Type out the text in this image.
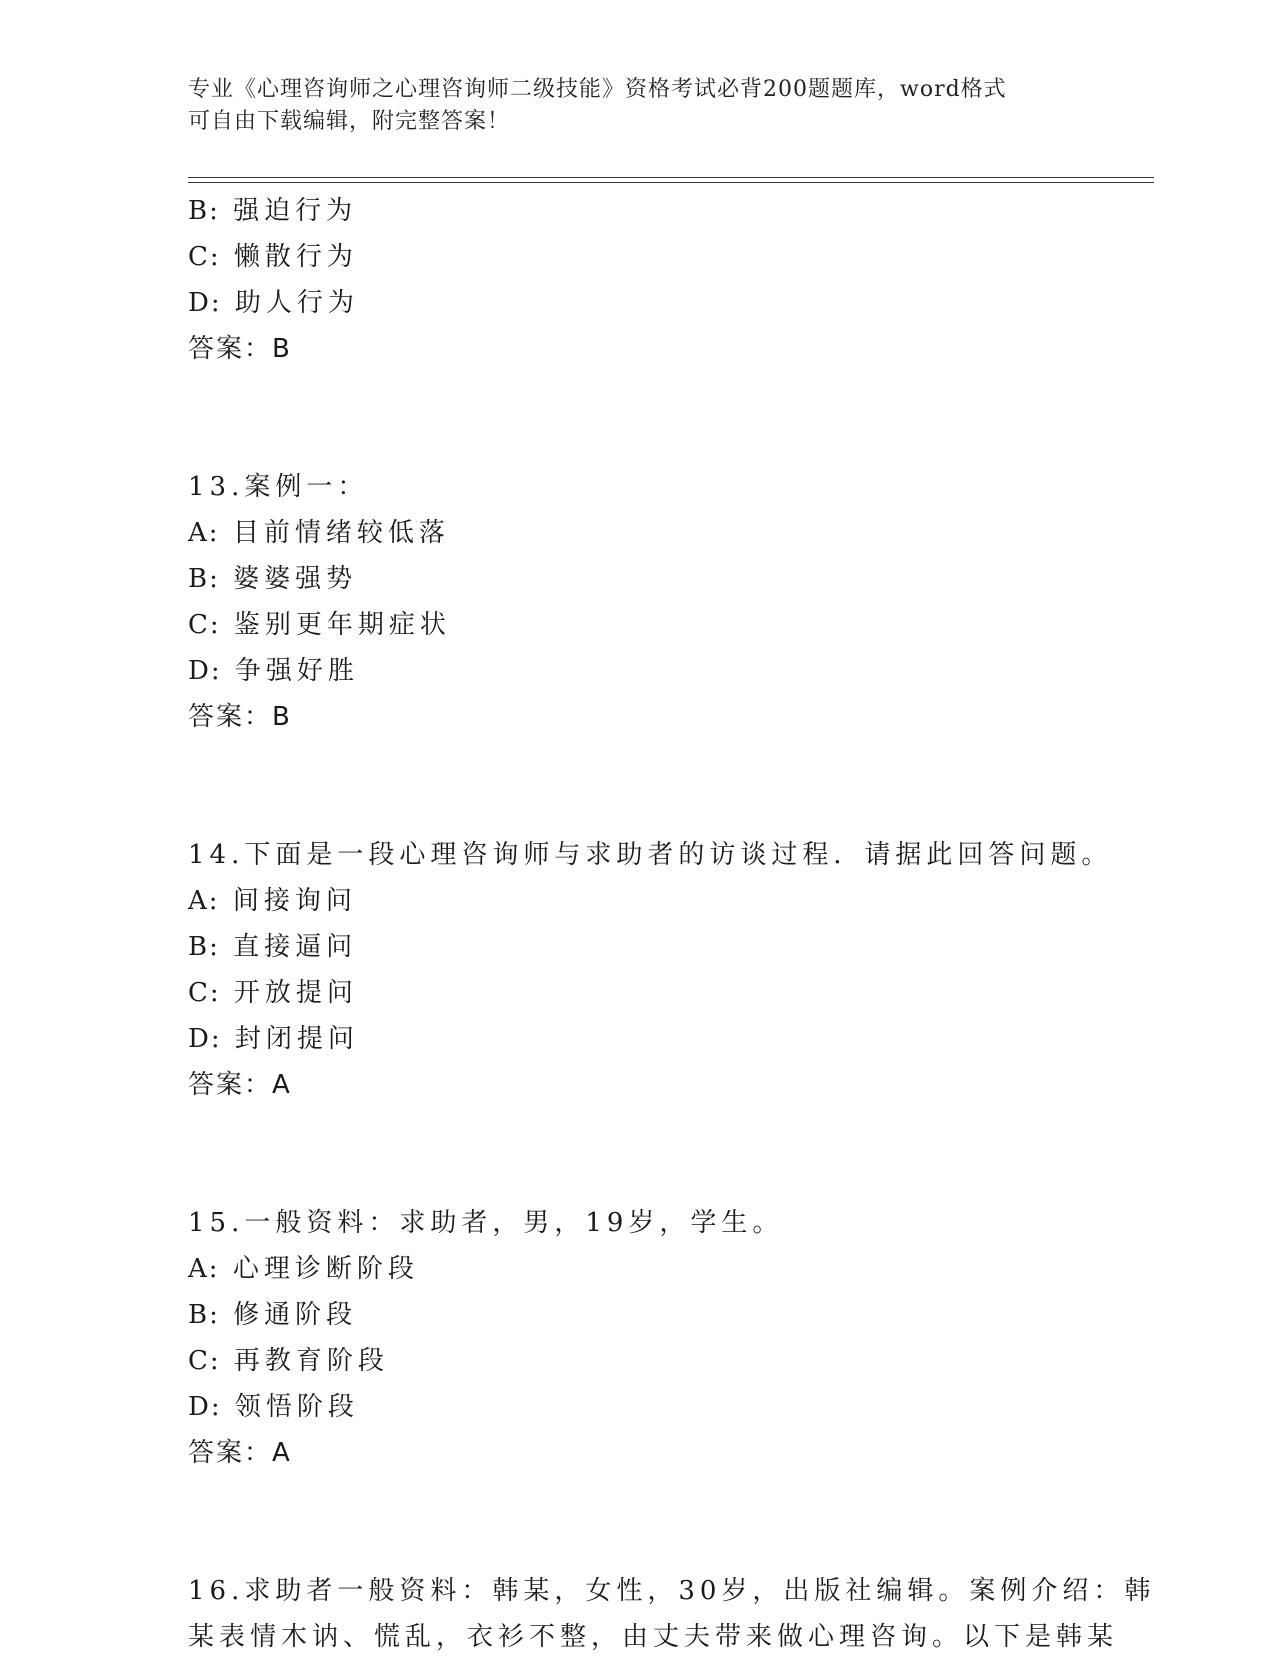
专业《心理咨询师之心理咨询师二级技能》资格考试必背200题题库，word格式
可自由下载编辑，附完整答案！
B: 强迫行为
C: 懒散行为
D: 助人行为
答案：B
13.案例一：
A: 目前情绪较低落
B: 婆婆强势
C: 鉴别更年期症状
D: 争强好胜
答案：B
14.下面是一段心理咨询师与求助者的访谈过程．请据此回答问题。
A: 间接询问
B: 直接逼问
C: 开放提问
D: 封闭提问
答案：A
15.一般资料：求助者，男，19岁，学生。
A: 心理诊断阶段
B: 修通阶段
C: 再教育阶段
D: 领悟阶段
答案：A
16.求助者一般资料：韩某，女性，30岁，出版社编辑。案例介绍：韩
某表情木讷、慌乱，衣衫不整，由丈夫带来做心理咨询。以下是韩某
